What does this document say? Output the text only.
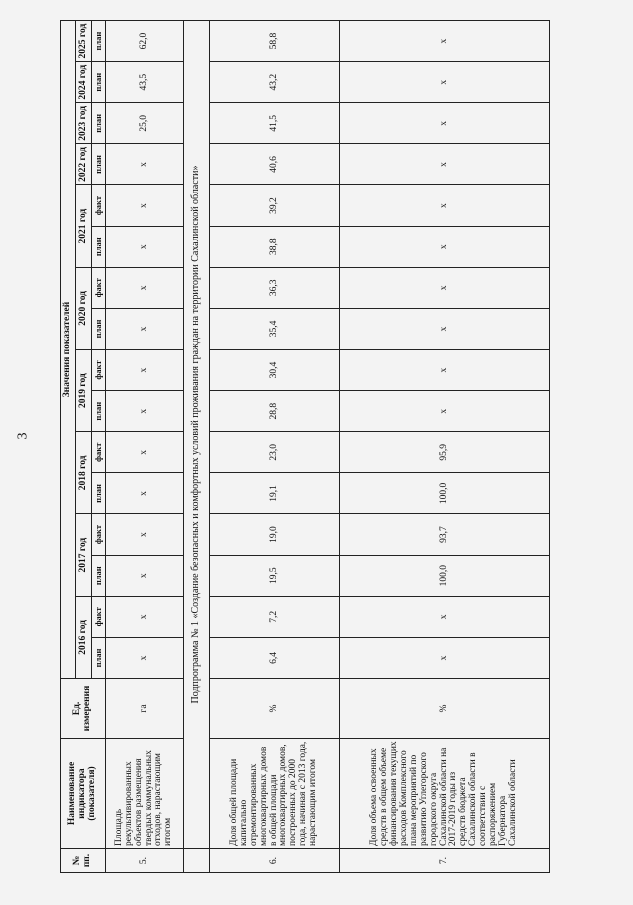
3
№ пп.	Наименование индикатора (показателя)	Ед. измерения	Значения показателей															
			2016 год		2017 год		2018 год		2019 год		2020 год		2021 год		2022 год	2023 год	2024 год	2025 год
			план	факт	план	факт	план	факт	план	факт	план	факт	план	факт	план	план	план	план
5.	Площадь рекультивированных объектов размещения твердых коммунальных отходов, нарастающим итогом	га	х	х	х	х	х	х	х	х	х	х	х	х	х	25,0	43,5	62,0
	Подпрограмма № 1 «Создание безопасных и комфортных условий проживания граждан на территории Сахалинской области»																	
6.	Доля общей площади капитально отремонтированных многоквартирных домов в общей площади многоквартирных домов, построенных до 2000 года, начиная с 2013 года, нарастающим итогом	%	6,4	7,2	19,5	19,0	19,1	23,0	28,8	30,4	35,4	36,3	38,8	39,2	40,6	41,5	43,2	58,8
7.	Доля объема освоенных средств в общем объеме финансирования текущих расходов Комплексного плана мероприятий по развитию Углегорского городского округа Сахалинской области на 2017-2019 годы из средств бюджета Сахалинской области в соответствии с распоряжением Губернатора Сахалинской области	%	х	х	100,0	93,7	100,0	95,9	х	х	х	х	х	х	х	х	х	х
